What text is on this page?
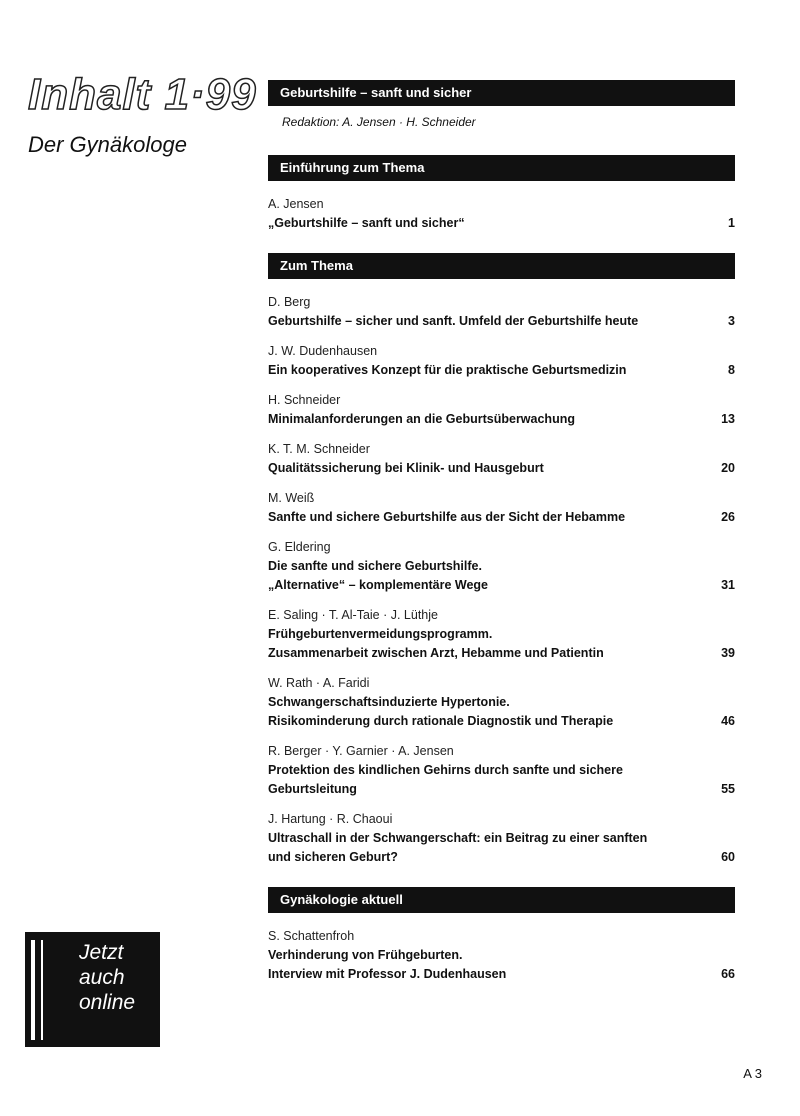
Inhalt 1·99
Der Gynäkologe
Jetzt
auch
online
Geburtshilfe – sanft und sicher
Redaktion: A. Jensen · H. Schneider
Einführung zum Thema
A. Jensen
„Geburtshilfe – sanft und sicher“	1
Zum Thema
D. Berg
Geburtshilfe – sicher und sanft. Umfeld der Geburtshilfe heute	3
J. W. Dudenhausen
Ein kooperatives Konzept für die praktische Geburtsmedizin	8
H. Schneider
Minimalanforderungen an die Geburtsüberwachung	13
K. T. M. Schneider
Qualitätssicherung bei Klinik- und Hausgeburt	20
M. Weiß
Sanfte und sichere Geburtshilfe aus der Sicht der Hebamme	26
G. Eldering
Die sanfte und sichere Geburtshilfe.
„Alternative“ – komplementäre Wege	31
E. Saling · T. Al-Taie · J. Lüthje
Frühgeburtenvermeidungsprogramm.
Zusammenarbeit zwischen Arzt, Hebamme und Patientin	39
W. Rath · A. Faridi
Schwangerschaftsinduzierte Hypertonie.
Risikominderung durch rationale Diagnostik und Therapie	46
R. Berger · Y. Garnier · A. Jensen
Protektion des kindlichen Gehirns durch sanfte und sichere
Geburtsleitung	55
J. Hartung · R. Chaoui
Ultraschall in der Schwangerschaft: ein Beitrag zu einer sanften
und sicheren Geburt?	60
Gynäkologie aktuell
S. Schattenfroh
Verhinderung von Frühgeburten.
Interview mit Professor J. Dudenhausen	66
A 3
